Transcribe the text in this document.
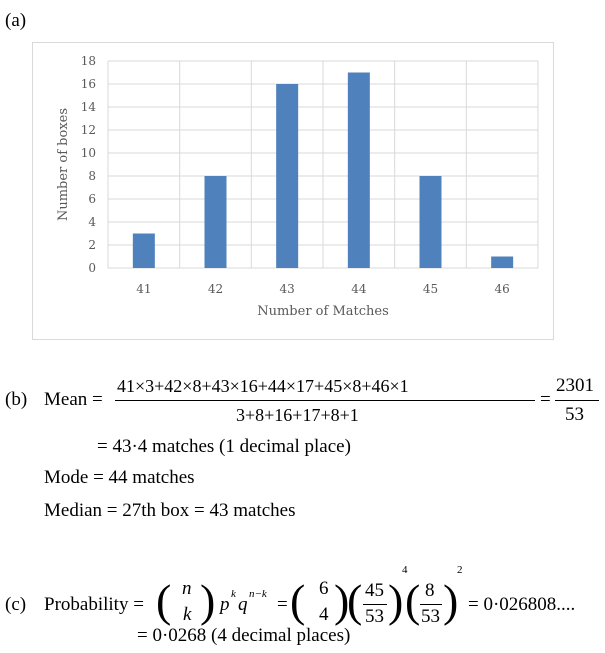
(a)
0
2
4
6
8
10
12
14
16
18
41	42	43	44	45	46
Number of Matches
Number of boxes
(b) Mean =
41×3+42×8+43×16+44×17+45×8+46×1
3+8+16+17+8+1
=
2301
53
= 43·4 matches (1 decimal place)
Mode = 44 matches
Median = 27th box = 43 matches
(c) Probability = ( n
k ) p k q n−k = ( 6
4 )
( 45
53 )
4
( 8
53 )
2
= 0·026808....
= 0·0268 (4 decimal places)
